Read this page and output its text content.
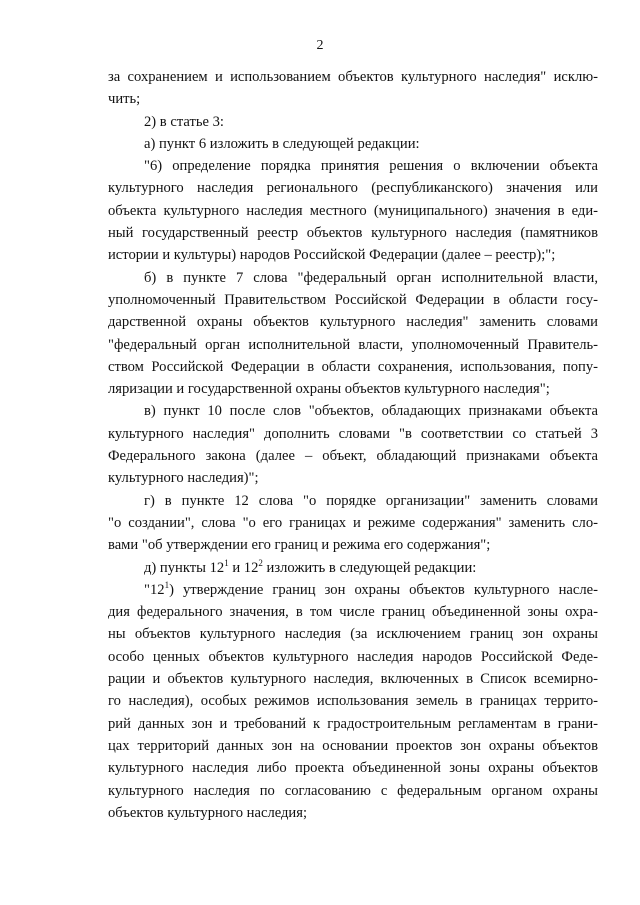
2
за сохранением и использованием объектов культурного наследия" исклю-
чить;
2) в статье 3:
а) пункт 6 изложить в следующей редакции:
"6) определение порядка принятия решения о включении объекта
культурного наследия регионального (республиканского) значения или
объекта культурного наследия местного (муниципального) значения в еди-
ный государственный реестр объектов культурного наследия (памятников
истории и культуры) народов Российской Федерации (далее – реестр);";
б) в пункте 7 слова "федеральный орган исполнительной власти,
уполномоченный Правительством Российской Федерации в области госу-
дарственной охраны объектов культурного наследия" заменить словами
"федеральный орган исполнительной власти, уполномоченный Правитель-
ством Российской Федерации в области сохранения, использования, попу-
ляризации и государственной охраны объектов культурного наследия";
в) пункт 10 после слов "объектов, обладающих признаками объекта
культурного наследия" дополнить словами "в соответствии со статьей 3
Федерального закона (далее – объект, обладающий признаками объекта
культурного наследия)";
г) в пункте 12 слова "о порядке организации" заменить словами
"о создании", слова "о его границах и режиме содержания" заменить сло-
вами "об утверждении его границ и режима его содержания";
д) пункты $12^1$ и $12^2$ изложить в следующей редакции:
"$12^1$) утверждение границ зон охраны объектов культурного насле-
дия федерального значения, в том числе границ объединенной зоны охра-
ны объектов культурного наследия (за исключением границ зон охраны
особо ценных объектов культурного наследия народов Российской Феде-
рации и объектов культурного наследия, включенных в Список всемирно-
го наследия), особых режимов использования земель в границах террито-
рий данных зон и требований к градостроительным регламентам в грани-
цах территорий данных зон на основании проектов зон охраны объектов
культурного наследия либо проекта объединенной зоны охраны объектов
культурного наследия по согласованию с федеральным органом охраны
объектов культурного наследия;
